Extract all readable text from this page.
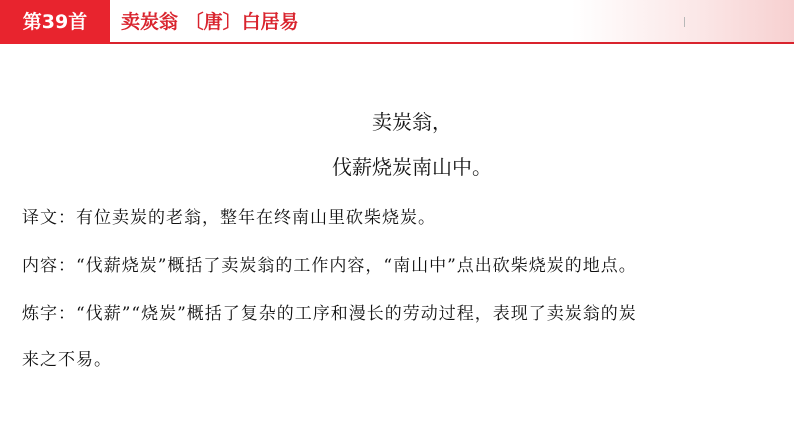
第39首	卖炭翁 〔唐〕白居易
卖炭翁，
伐薪烧炭南山中。
译文：有位卖炭的老翁，整年在终南山里砍柴烧炭。
内容：“伐薪烧炭”概括了卖炭翁的工作内容，“南山中”点出砍柴烧炭的地点。
炼字：“伐薪”“烧炭”概括了复杂的工序和漫长的劳动过程，表现了卖炭翁的炭
来之不易。
